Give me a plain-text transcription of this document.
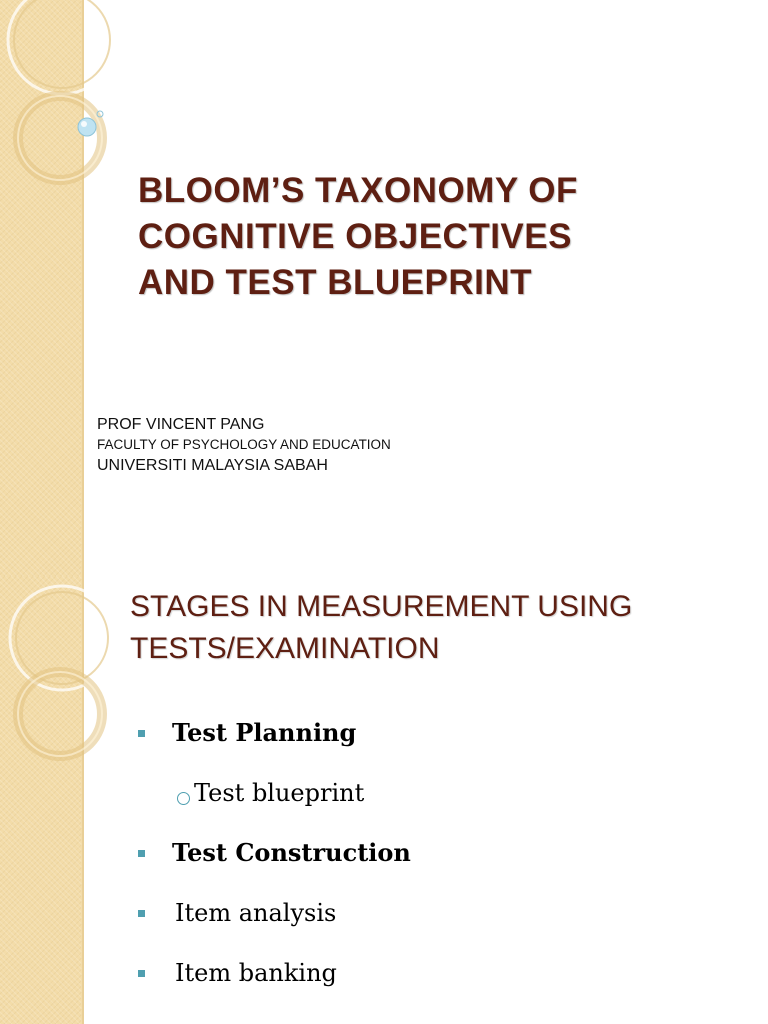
BLOOM’S TAXONOMY OF
COGNITIVE OBJECTIVES
AND TEST BLUEPRINT
PROF VINCENT PANG
FACULTY OF PSYCHOLOGY AND EDUCATION
UNIVERSITI MALAYSIA SABAH
STAGES IN MEASUREMENT USING
TESTS/EXAMINATION
Test Planning
Test blueprint
Test Construction
Item analysis
Item banking
